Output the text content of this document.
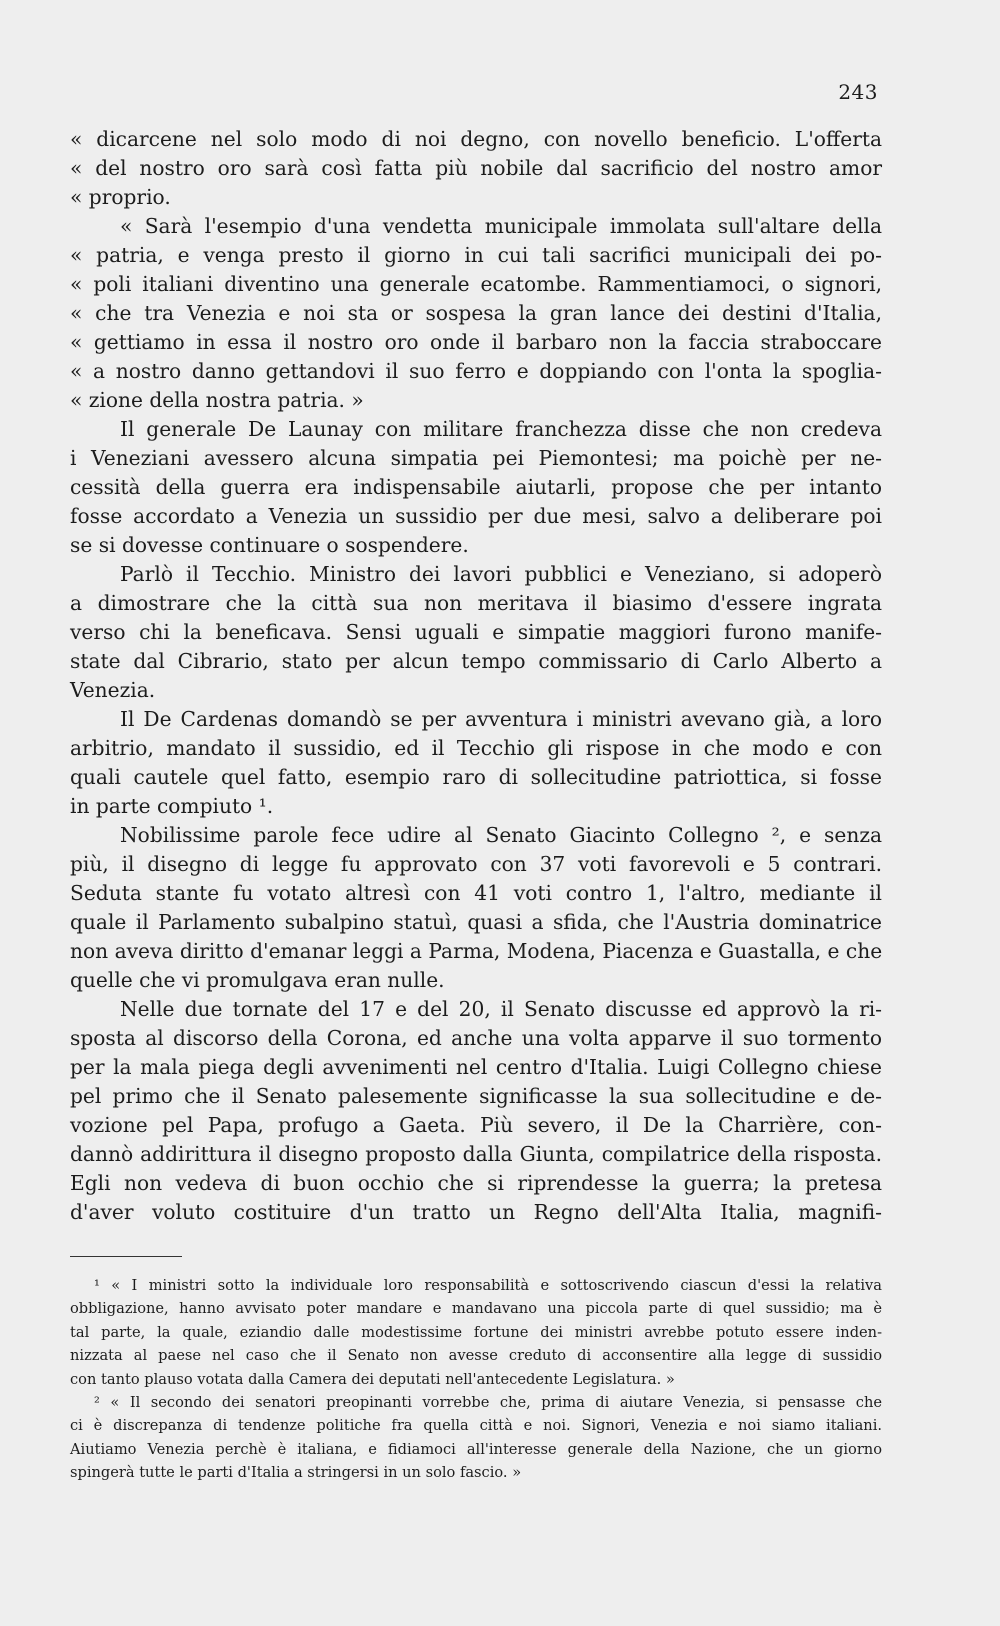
243
« dicarcene nel solo modo di noi degno, con novello beneficio. L'offerta
« del nostro oro sarà così fatta più nobile dal sacrificio del nostro amor
« proprio.
« Sarà l'esempio d'una vendetta municipale immolata sull'altare della
« patria, e venga presto il giorno in cui tali sacrifici municipali dei po-
« poli italiani diventino una generale ecatombe. Rammentiamoci, o signori,
« che tra Venezia e noi sta or sospesa la gran lance dei destini d'Italia,
« gettiamo in essa il nostro oro onde il barbaro non la faccia straboccare
« a nostro danno gettandovi il suo ferro e doppiando con l'onta la spoglia-
« zione della nostra patria. »
Il generale De Launay con militare franchezza disse che non credeva
i Veneziani avessero alcuna simpatia pei Piemontesi; ma poichè per ne-
cessità della guerra era indispensabile aiutarli, propose che per intanto
fosse accordato a Venezia un sussidio per due mesi, salvo a deliberare poi
se si dovesse continuare o sospendere.
Parlò il Tecchio. Ministro dei lavori pubblici e Veneziano, si adoperò
a dimostrare che la città sua non meritava il biasimo d'essere ingrata
verso chi la beneficava. Sensi uguali e simpatie maggiori furono manife-
state dal Cibrario, stato per alcun tempo commissario di Carlo Alberto a
Venezia.
Il De Cardenas domandò se per avventura i ministri avevano già, a loro
arbitrio, mandato il sussidio, ed il Tecchio gli rispose in che modo e con
quali cautele quel fatto, esempio raro di sollecitudine patriottica, si fosse
in parte compiuto ¹.
Nobilissime parole fece udire al Senato Giacinto Collegno ², e senza
più, il disegno di legge fu approvato con 37 voti favorevoli e 5 contrari.
Seduta stante fu votato altresì con 41 voti contro 1, l'altro, mediante il
quale il Parlamento subalpino statuì, quasi a sfida, che l'Austria dominatrice
non aveva diritto d'emanar leggi a Parma, Modena, Piacenza e Guastalla, e che
quelle che vi promulgava eran nulle.
Nelle due tornate del 17 e del 20, il Senato discusse ed approvò la ri-
sposta al discorso della Corona, ed anche una volta apparve il suo tormento
per la mala piega degli avvenimenti nel centro d'Italia. Luigi Collegno chiese
pel primo che il Senato palesemente significasse la sua sollecitudine e de-
vozione pel Papa, profugo a Gaeta. Più severo, il De la Charrière, con-
dannò addirittura il disegno proposto dalla Giunta, compilatrice della risposta.
Egli non vedeva di buon occhio che si riprendesse la guerra; la pretesa
d'aver voluto costituire d'un tratto un Regno dell'Alta Italia, magnifi-
¹ « I ministri sotto la individuale loro responsabilità e sottoscrivendo ciascun d'essi la relativa
obbligazione, hanno avvisato poter mandare e mandavano una piccola parte di quel sussidio; ma è
tal parte, la quale, eziandio dalle modestissime fortune dei ministri avrebbe potuto essere inden-
nizzata al paese nel caso che il Senato non avesse creduto di acconsentire alla legge di sussidio
con tanto plauso votata dalla Camera dei deputati nell'antecedente Legislatura. »
² « Il secondo dei senatori preopinanti vorrebbe che, prima di aiutare Venezia, si pensasse che
ci è discrepanza di tendenze politiche fra quella città e noi. Signori, Venezia e noi siamo italiani.
Aiutiamo Venezia perchè è italiana, e fidiamoci all'interesse generale della Nazione, che un giorno
spingerà tutte le parti d'Italia a stringersi in un solo fascio. »
